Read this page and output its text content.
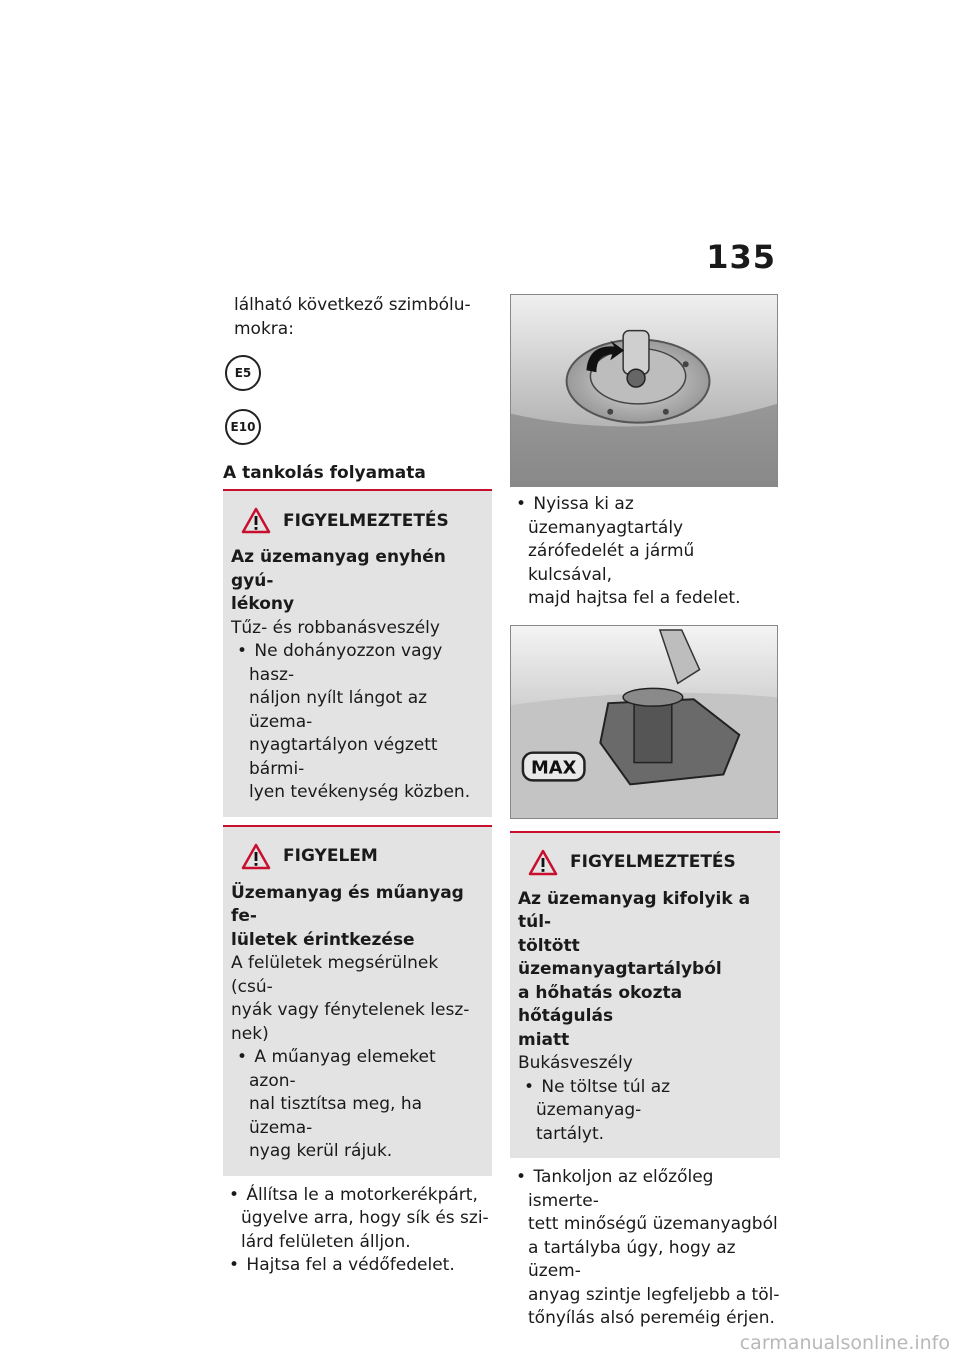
135

lálható következő szimbólu-
mokra:

E5
E10
A tankolás folyamata
FIGYELMEZTETÉS

Az üzemanyag enyhén gyú-
lékony

Tűz- és robbanásveszély

• Ne dohányozzon vagy hasz-
náljon nyílt lángot az üzema-
nyagtartályon végzett bármi-
lyen tevékenység közben.
FIGYELEM

Üzemanyag és műanyag fe-
lületek érintkezése

A felületek megsérülnek (csú-
nyák vagy fénytelenek lesz-
nek)

• A műanyag elemeket azon-
nal tisztítsa meg, ha üzema-
nyag kerül rájuk.
• Állítsa le a motorkerékpárt,
ügyelve arra, hogy sík és szi-
lárd felületen álljon.
• Hajtsa fel a védőfedelet.
• Nyissa ki az üzemanyagtartály
zárófedelét a jármű kulcsával,
majd hajtsa fel a fedelet.
MAX
FIGYELMEZTETÉS

Az üzemanyag kifolyik a túl-
töltött üzemanyagtartályból
a hőhatás okozta hőtágulás
miatt

Bukásveszély

• Ne töltse túl az üzemanyag-
tartályt.
• Tankoljon az előzőleg ismerte-
tett minőségű üzemanyagból
a tartályba úgy, hogy az üzem-
anyag szintje legfeljebb a töl-
tőnyílás alsó pereméig érjen.
carmanualsonline.info
